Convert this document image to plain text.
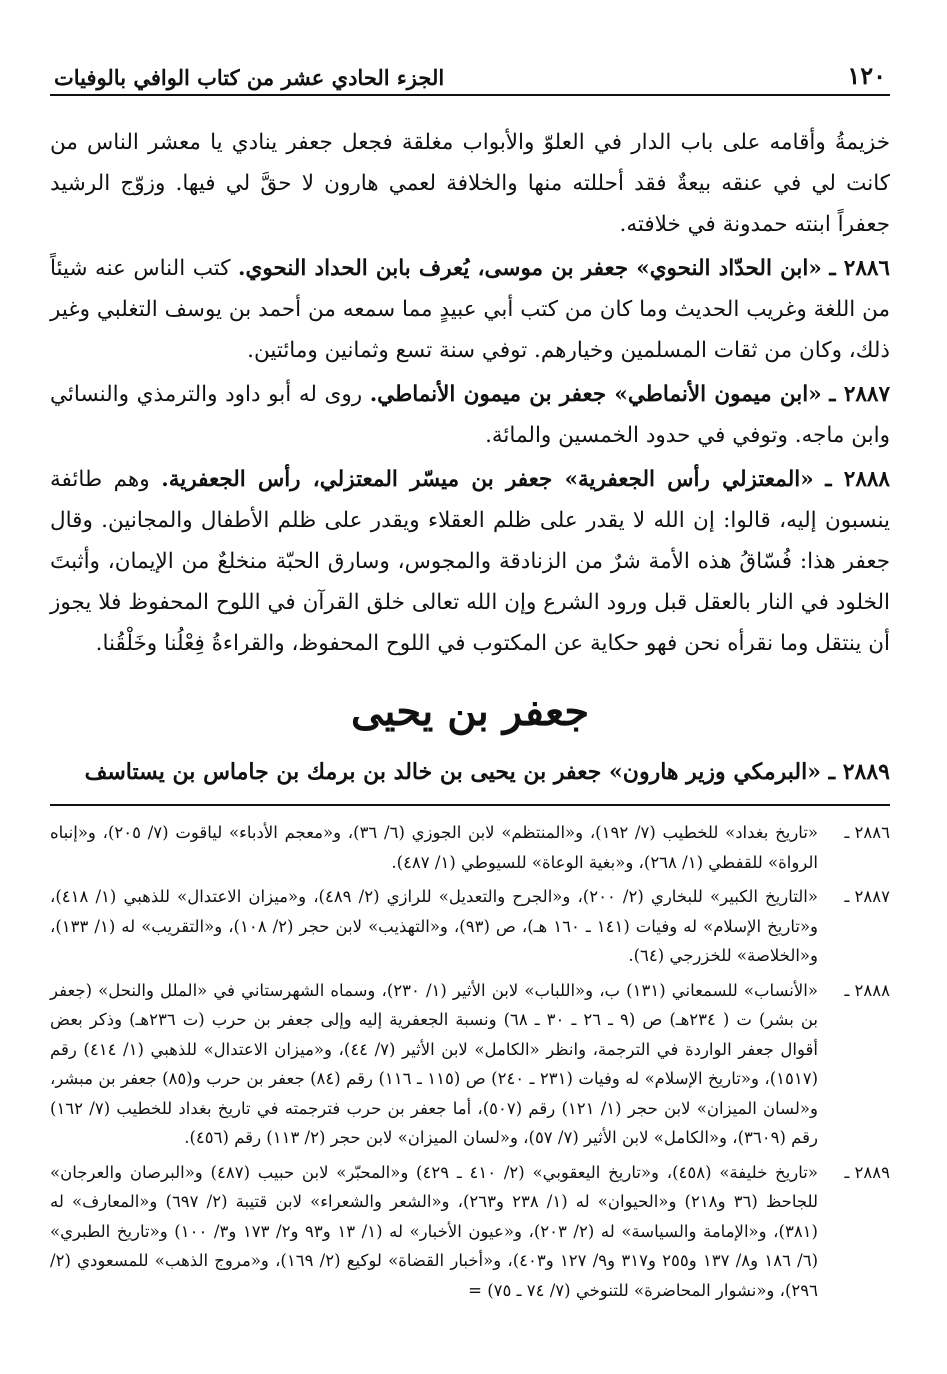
١٢٠
الجزء الحادي عشر من كتاب الوافي بالوفيات

خزيمةُ وأقامه على باب الدار في العلوّ والأبواب مغلقة فجعل جعفر ينادي يا معشر الناس من كانت لي في عنقه بيعةٌ فقد أحللته منها والخلافة لعمي هارون لا حقَّ لي فيها. وزوّج الرشيد جعفراً ابنته حمدونة في خلافته.

٢٨٨٦ ـ «ابن الحدّاد النحوي» جعفر بن موسى، يُعرف بابن الحداد النحوي. كتب الناس عنه شيئاً من اللغة وغريب الحديث وما كان من كتب أبي عبيدٍ مما سمعه من أحمد بن يوسف التغلبي وغير ذلك، وكان من ثقات المسلمين وخيارهم. توفي سنة تسع وثمانين ومائتين.

٢٨٨٧ ـ «ابن ميمون الأنماطي» جعفر بن ميمون الأنماطي. روى له أبو داود والترمذي والنسائي وابن ماجه. وتوفي في حدود الخمسين والمائة.

٢٨٨٨ ـ «المعتزلي رأس الجعفرية» جعفر بن ميسّر المعتزلي، رأس الجعفرية. وهم طائفة ينسبون إليه، قالوا: إن الله لا يقدر على ظلم العقلاء ويقدر على ظلم الأطفال والمجانين. وقال جعفر هذا: فُسّاقُ هذه الأمة شرٌ من الزنادقة والمجوس، وسارق الحبّة منخلعٌ من الإيمان، وأثبتَ الخلود في النار بالعقل قبل ورود الشرع وإن الله تعالى خلق القرآن في اللوح المحفوظ فلا يجوز أن ينتقل وما نقرأه نحن فهو حكاية عن المكتوب في اللوح المحفوظ، والقراءةُ فِعْلُنا وخَلْقُنا.

جعفر بن يحيى
٢٨٨٩ ـ «البرمكي وزير هارون» جعفر بن يحيى بن خالد بن برمك بن جاماس بن يستاسف
٢٨٨٦ ـ
«تاريخ بغداد» للخطيب (٧/ ١٩٢)، و«المنتظم» لابن الجوزي (٦/ ٣٦)، و«معجم الأدباء» لياقوت (٧/ ٢٠٥)، و«إنباه الرواة» للقفطي (١/ ٢٦٨)، و«بغية الوعاة» للسيوطي (١/ ٤٨٧).
٢٨٨٧ ـ
«التاريخ الكبير» للبخاري (٢/ ٢٠٠)، و«الجرح والتعديل» للرازي (٢/ ٤٨٩)، و«ميزان الاعتدال» للذهبي (١/ ٤١٨)، و«تاريخ الإسلام» له وفيات (١٤١ ـ ١٦٠ هـ)، ص (٩٣)، و«التهذيب» لابن حجر (٢/ ١٠٨)، و«التقريب» له (١/ ١٣٣)، و«الخلاصة» للخزرجي (٦٤).
٢٨٨٨ ـ
«الأنساب» للسمعاني (١٣١) ب، و«اللباب» لابن الأثير (١/ ٢٣٠)، وسماه الشهرستاني في «الملل والنحل» (جعفر بن بشر) ت ( ٢٣٤هـ) ص (٩ ـ ٢٦ ـ ٣٠ ـ ٦٨) ونسبة الجعفرية إليه وإلى جعفر بن حرب (ت ٢٣٦هـ) وذكر بعض أقوال جعفر الواردة في الترجمة، وانظر «الكامل» لابن الأثير (٧/ ٤٤)، و«ميزان الاعتدال» للذهبي (١/ ٤١٤) رقم (١٥١٧)، و«تاريخ الإسلام» له وفيات (٢٣١ ـ ٢٤٠) ص (١١٥ ـ ١١٦) رقم (٨٤) جعفر بن حرب و(٨٥) جعفر بن مبشر، و«لسان الميزان» لابن حجر (١/ ١٢١) رقم (٥٠٧)، أما جعفر بن حرب فترجمته في تاريخ بغداد للخطيب (٧/ ١٦٢) رقم (٣٦٠٩)، و«الكامل» لابن الأثير (٧/ ٥٧)، و«لسان الميزان» لابن حجر (٢/ ١١٣) رقم (٤٥٦).
٢٨٨٩ ـ
«تاريخ خليفة» (٤٥٨)، و«تاريخ اليعقوبي» (٢/ ٤١٠ ـ ٤٢٩) و«المحبّر» لابن حبيب (٤٨٧) و«البرصان والعرجان» للجاحظ (٣٦ و٢١٨) و«الحيوان» له (١/ ٢٣٨ و٢٦٣)، و«الشعر والشعراء» لابن قتيبة (٢/ ٦٩٧) و«المعارف» له (٣٨١)، و«الإمامة والسياسة» له (٢/ ٢٠٣)، و«عيون الأخبار» له (١/ ١٣ و٩٣ و٢/ ١٧٣ و٣/ ١٠٠) و«تاريخ الطبري» (٦/ ١٨٦ و٨/ ١٣٧ و٢٥٥ و٣١٧ و٩/ ١٢٧ و٤٠٣)، و«أخبار القضاة» لوكيع (٢/ ١٦٩)، و«مروج الذهب» للمسعودي (٢/ ٢٩٦)، و«نشوار المحاضرة» للتنوخي (٧/ ٧٤ ـ ٧٥) =
